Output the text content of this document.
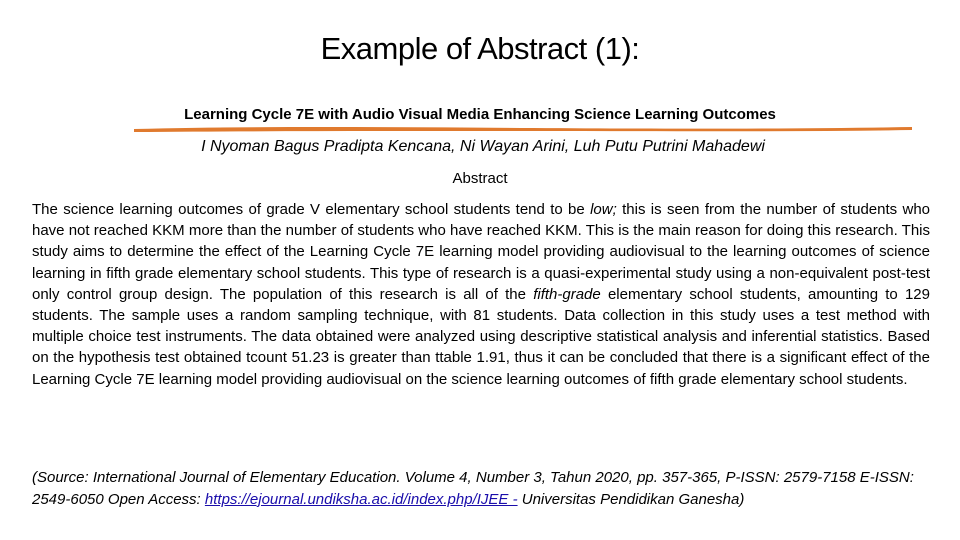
Example of Abstract (1):
Learning Cycle 7E with Audio Visual Media Enhancing Science Learning Outcomes
I Nyoman Bagus Pradipta Kencana, Ni Wayan Arini, Luh Putu Putrini Mahadewi
Abstract

The science learning outcomes of grade V elementary school students tend to be low; this is seen from the number of students who have not reached KKM more than the number of students who have reached KKM. This is the main reason for doing this research. This study aims to determine the effect of the Learning Cycle 7E learning model providing audiovisual to the learning outcomes of science learning in fifth grade elementary school students. This type of research is a quasi-experimental study using a non-equivalent post-test only control group design. The population of this research is all of the fifth-grade elementary school students, amounting to 129 students. The sample uses a random sampling technique, with 81 students. Data collection in this study uses a test method with multiple choice test instruments. The data obtained were analyzed using descriptive statistical analysis and inferential statistics. Based on the hypothesis test obtained tcount 51.23 is greater than ttable 1.91, thus it can be concluded that there is a significant effect of the Learning Cycle 7E learning model providing audiovisual on the science learning outcomes of fifth grade elementary school students.

(Source: International Journal of Elementary Education. Volume 4, Number 3, Tahun 2020, pp. 357-365, P-ISSN: 2579-7158 E-ISSN: 2549-6050 Open Access: https://ejournal.undiksha.ac.id/index.php/IJEE - Universitas Pendidikan Ganesha)
